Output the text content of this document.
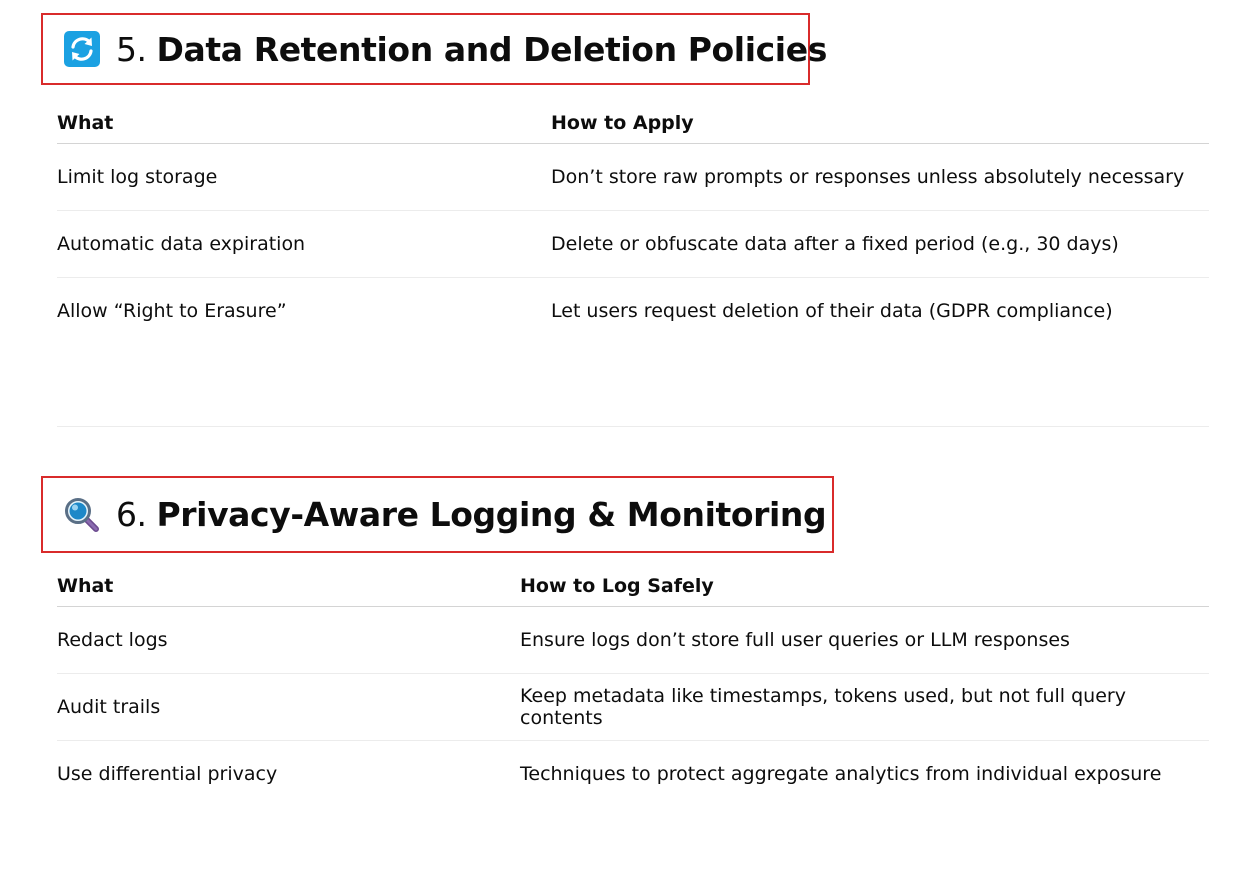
5. Data Retention and Deletion Policies
What	How to Apply
Limit log storage	Don’t store raw prompts or responses unless absolutely necessary
Automatic data expiration	Delete or obfuscate data after a fixed period (e.g., 30 days)
Allow “Right to Erasure”	Let users request deletion of their data (GDPR compliance)
6. Privacy-Aware Logging & Monitoring
What	How to Log Safely
Redact logs	Ensure logs don’t store full user queries or LLM responses
Audit trails	Keep metadata like timestamps, tokens used, but not full query contents
Use differential privacy	Techniques to protect aggregate analytics from individual exposure
